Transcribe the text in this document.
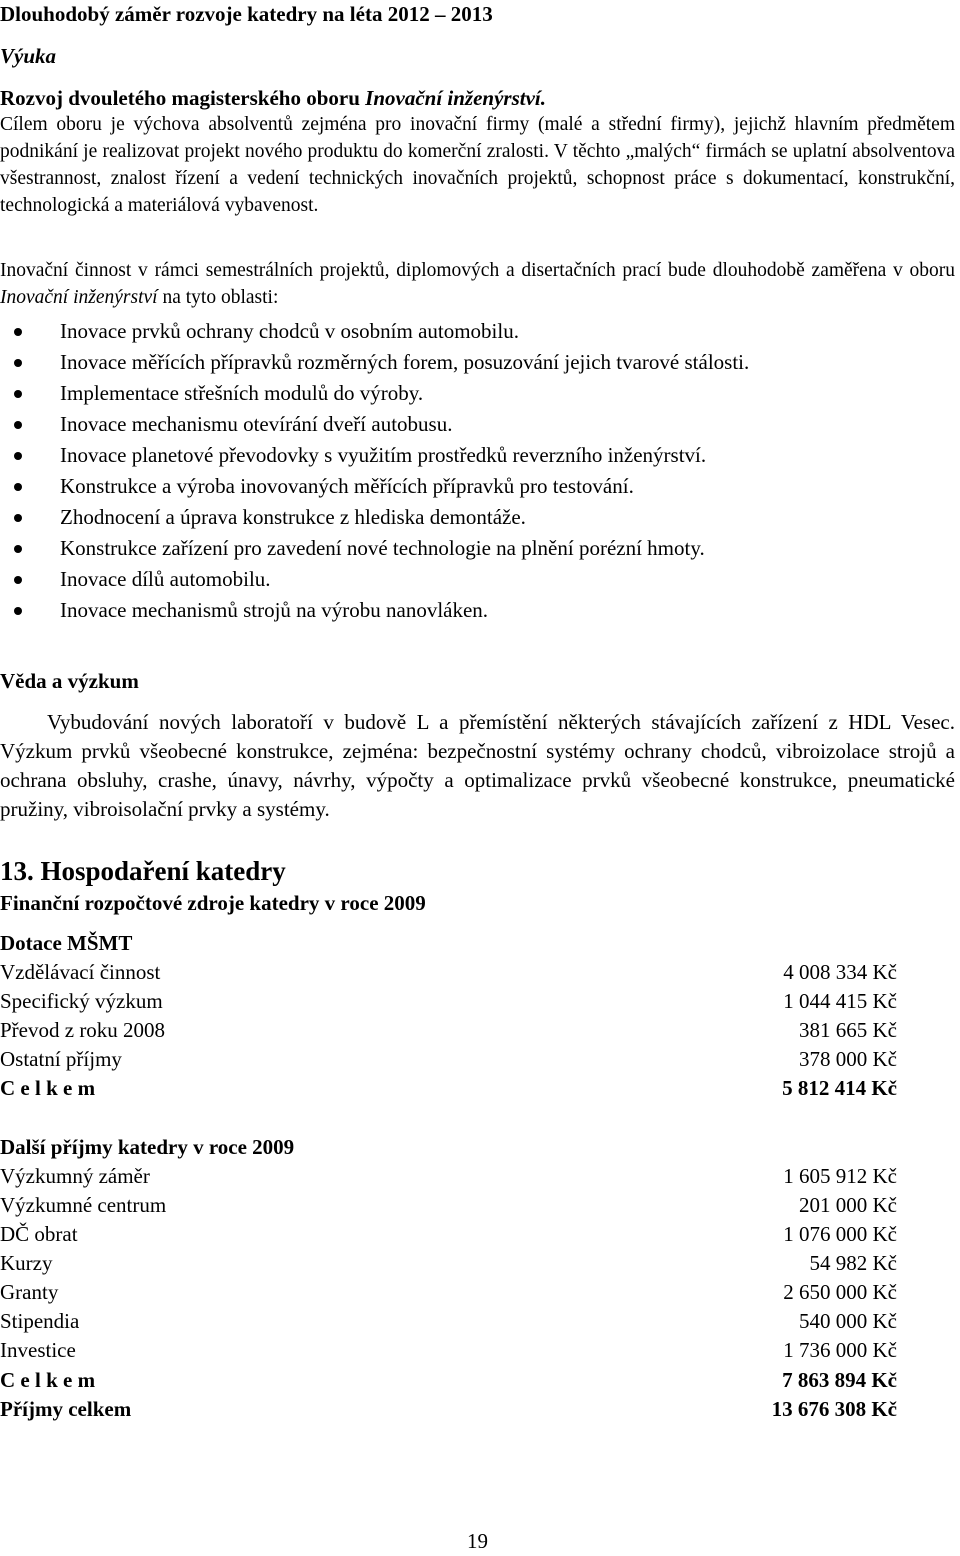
Dlouhodobý záměr rozvoje katedry na léta 2012 – 2013

Výuka

Rozvoj dvouletého magisterského oboru Inovační inženýrství.

Cílem oboru je výchova absolventů zejména pro inovační firmy (malé a střední firmy), jejichž hlavním předmětem podnikání je realizovat projekt nového produktu do komerční zralosti. V těchto „malých“ firmách se uplatní absolventova všestrannost, znalost řízení a vedení technických inovačních projektů, schopnost práce s dokumentací, konstrukční, technologická a materiálová vybavenost.

Inovační činnost v rámci semestrálních projektů, diplomových a disertačních prací bude dlouhodobě zaměřena v oboru Inovační inženýrství na tyto oblasti:

Inovace prvků ochrany chodců v osobním automobilu.
Inovace měřících přípravků rozměrných forem, posuzování jejich tvarové stálosti.
Implementace střešních modulů do výroby.
Inovace mechanismu otevírání dveří autobusu.
Inovace planetové převodovky s využitím prostředků reverzního inženýrství.
Konstrukce a výroba inovovaných měřících přípravků pro testování.
Zhodnocení a úprava konstrukce z hlediska demontáže.
Konstrukce zařízení pro zavedení nové technologie na plnění porézní hmoty.
Inovace dílů automobilu.
Inovace mechanismů strojů na výrobu nanovláken.

Věda a výzkum

Vybudování nových laboratoří v budově L a přemístění některých stávajících zařízení z HDL Vesec. Výzkum prvků všeobecné konstrukce, zejména: bezpečnostní systémy ochrany chodců, vibroizolace strojů a ochrana obsluhy, crashe, únavy, návrhy, výpočty a optimalizace prvků všeobecné konstrukce, pneumatické pružiny, vibroisolační prvky a systémy.

13. Hospodaření katedry

Finanční rozpočtové zdroje katedry v roce 2009

Dotace MŠMT

Vzdělávací činnost	4 008 334 Kč
Specifický výzkum	1 044 415 Kč
Převod z roku 2008	381 665 Kč
Ostatní příjmy	378 000 Kč
C e l k e m	5 812 414 Kč

Další příjmy katedry v roce 2009

Výzkumný záměr	1 605 912 Kč
Výzkumné centrum	201 000 Kč
DČ obrat	1 076 000 Kč
Kurzy	54 982 Kč
Granty	2 650 000 Kč
Stipendia	540 000 Kč
Investice	1 736 000 Kč
C e l k e m	7 863 894 Kč
Příjmy celkem	13 676 308 Kč

19
